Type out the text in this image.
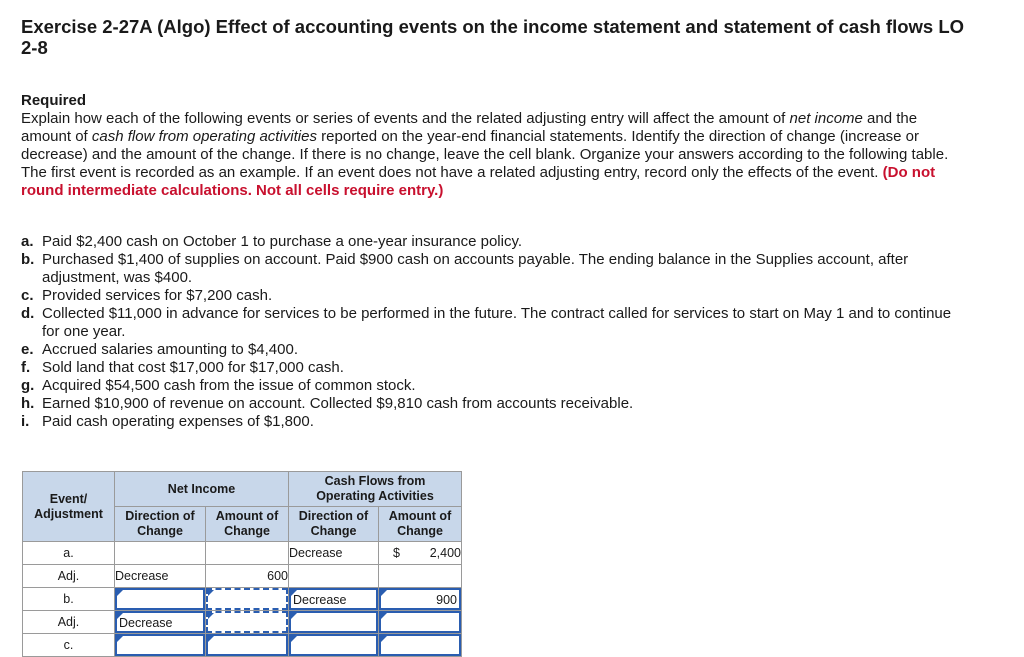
Exercise 2-27A (Algo) Effect of accounting events on the income statement and statement of cash flows LO 2-8
Required
Explain how each of the following events or series of events and the related adjusting entry will affect the amount of net income and the amount of cash flow from operating activities reported on the year-end financial statements. Identify the direction of change (increase or decrease) and the amount of the change. If there is no change, leave the cell blank. Organize your answers according to the following table. The first event is recorded as an example. If an event does not have a related adjusting entry, record only the effects of the event. (Do not round intermediate calculations. Not all cells require entry.)
a. Paid $2,400 cash on October 1 to purchase a one-year insurance policy.
b. Purchased $1,400 of supplies on account. Paid $900 cash on accounts payable. The ending balance in the Supplies account, after adjustment, was $400.
c. Provided services for $7,200 cash.
d. Collected $11,000 in advance for services to be performed in the future. The contract called for services to start on May 1 and to continue for one year.
e. Accrued salaries amounting to $4,400.
f. Sold land that cost $17,000 for $17,000 cash.
g. Acquired $54,500 cash from the issue of common stock.
h. Earned $10,900 of revenue on account. Collected $9,810 cash from accounts receivable.
i. Paid cash operating expenses of $1,800.
Event/ Adjustment	Net Income		Cash Flows from Operating Activities	
	Direction of Change	Amount of Change	Direction of Change	Amount of Change
a.			Decrease	$ 2,400
Adj.	Decrease	600		
b.			Decrease	900

Adj.	Decrease			

c.	
